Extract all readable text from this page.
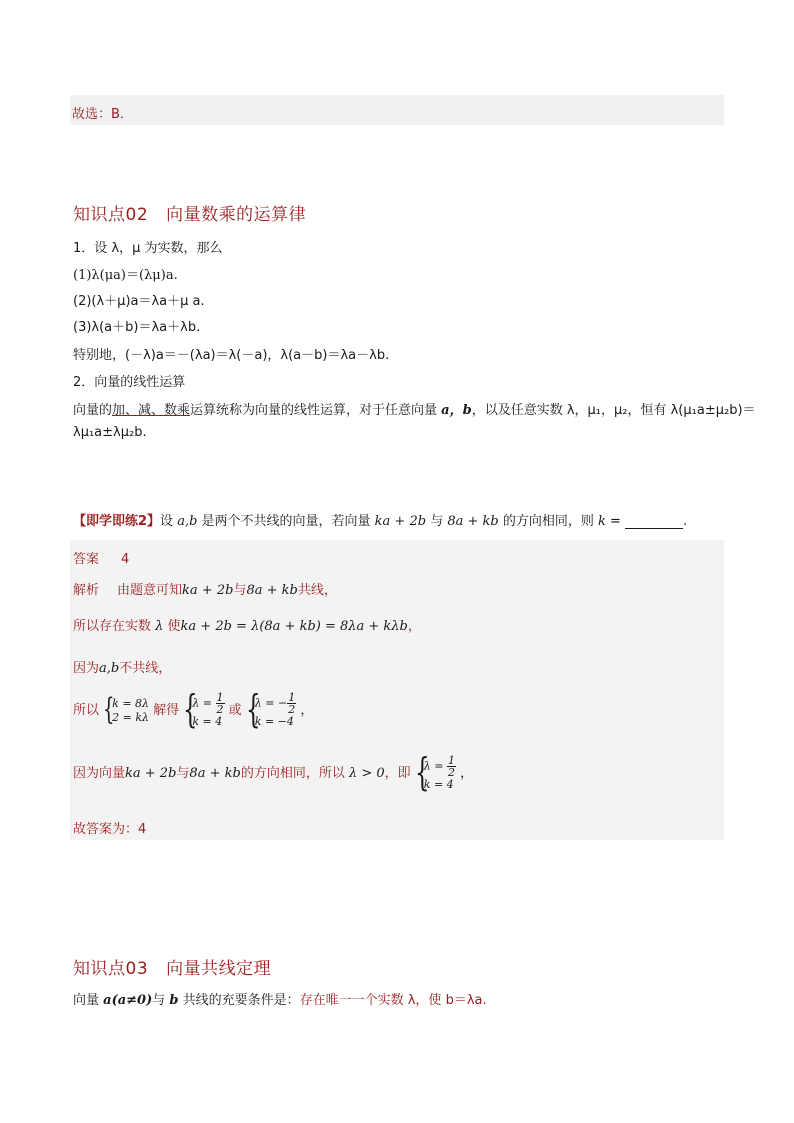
故选：B．
知识点02 向量数乘的运算律
1．设 λ，μ 为实数，那么
(1)λ(μa)＝(λμ)a.
(2)(λ＋μ)a＝λa＋μ a.
(3)λ(a＋b)＝λa＋λb.
特别地，(－λ)a＝－(λa)＝λ(－a)，λ(a－b)＝λa－λb.
2．向量的线性运算
向量的加、减、数乘运算统称为向量的线性运算，对于任意向量 a，b，以及任意实数 λ，μ₁，μ₂，恒有 λ(μ₁a±μ₂b)＝
λμ₁a±λμ₂b.
【即学即练2】设 a,b 是两个不共线的向量，若向量 ka + 2b 与 8a + kb 的方向相同，则 k =	.
答案 4
解析 由题意可知ka + 2b与8a + kb共线，
所以存在实数 λ 使ka + 2b = λ(8a + kb) = 8λa + kλb，
因为a,b不共线，
所以 {
k = 8λ
2 = kλ 解得 {
$\lambda = \frac{1}{2}$
k = 4
或 {
λ = − $\frac{1}{2}$
k = −4
，
因为向量ka + 2b与8a + kb的方向相同，所以 λ > 0，即 {
$\lambda = \frac{1}{2}$
k = 4
，
故答案为：4
知识点03 向量共线定理
向量 a(a≠0)与 b 共线的充要条件是：存在唯一一个实数 λ，使 b＝λa.
